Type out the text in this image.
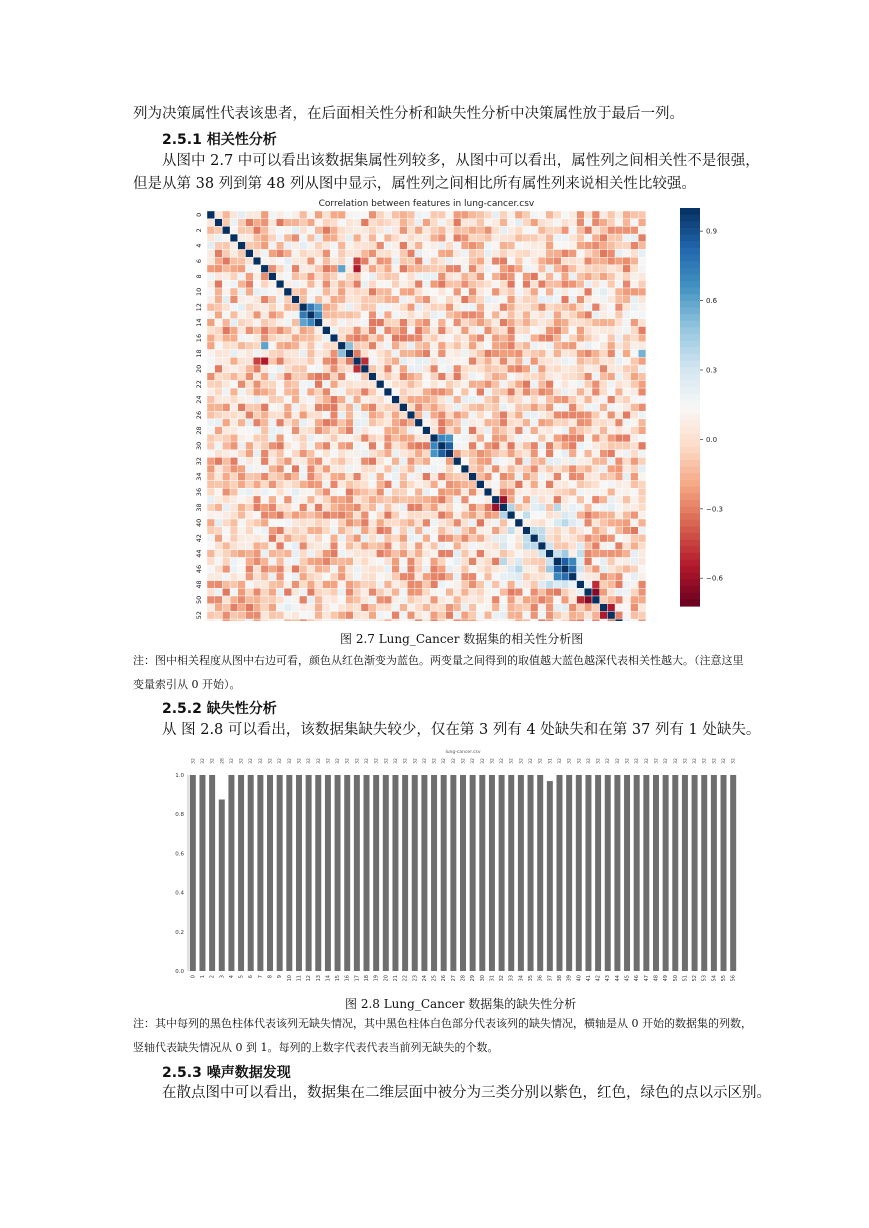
列为决策属性代表该患者，在后面相关性分析和缺失性分析中决策属性放于最后一列。
2.5.1 相关性分析
从图中 2.7 中可以看出该数据集属性列较多，从图中可以看出，属性列之间相关性不是很强，
但是从第 38 列到第 48 列从图中显示，属性列之间相比所有属性列来说相关性比较强。
Correlation between features in lung-cancer.csv
0
2
4
6
8
10
12
14
16
18
20
22
24
26
28
30
32
34
36
38
40
42
44
46
48
50
52
0.9
0.6
0.3
0.0
−0.3
−0.6
图 2.7 Lung_Cancer 数据集的相关性分析图
注：图中相关程度从图中右边可看，颜色从红色渐变为蓝色。两变量之间得到的取值越大蓝色越深代表相关性越大。（注意这里
变量索引从 0 开始）。
2.5.2 缺失性分析
从 图 2.8 可以看出，该数据集缺失较少，仅在第 3 列有 4 处缺失和在第 37 列有 1 处缺失。
lung-cancer.csv
0.0
0.2
0.4
0.6
0.8
1.0
32
0
32
1
32
2
28
3
32
4
32
5
32
6
32
7
32
8
32
9
32
10
32
11
32
12
32
13
32
14
32
15
32
16
32
17
32
18
32
19
32
20
32
21
32
22
32
23
32
24
32
25
32
26
32
27
32
28
32
29
32
30
32
31
32
32
32
33
32
34
32
35
32
36
31
37
32
38
32
39
32
40
32
41
32
42
32
43
32
44
32
45
32
46
32
47
32
48
32
49
32
50
32
51
32
52
32
53
32
54
32
55
32
56
图 2.8 Lung_Cancer 数据集的缺失性分析
注：其中每列的黑色柱体代表该列无缺失情况，其中黑色柱体白色部分代表该列的缺失情况，横轴是从 0 开始的数据集的列数，
竖轴代表缺失情况从 0 到 1。每列的上数字代表代表当前列无缺失的个数。
2.5.3 噪声数据发现
在散点图中可以看出，数据集在二维层面中被分为三类分别以紫色，红色，绿色的点以示区别。
